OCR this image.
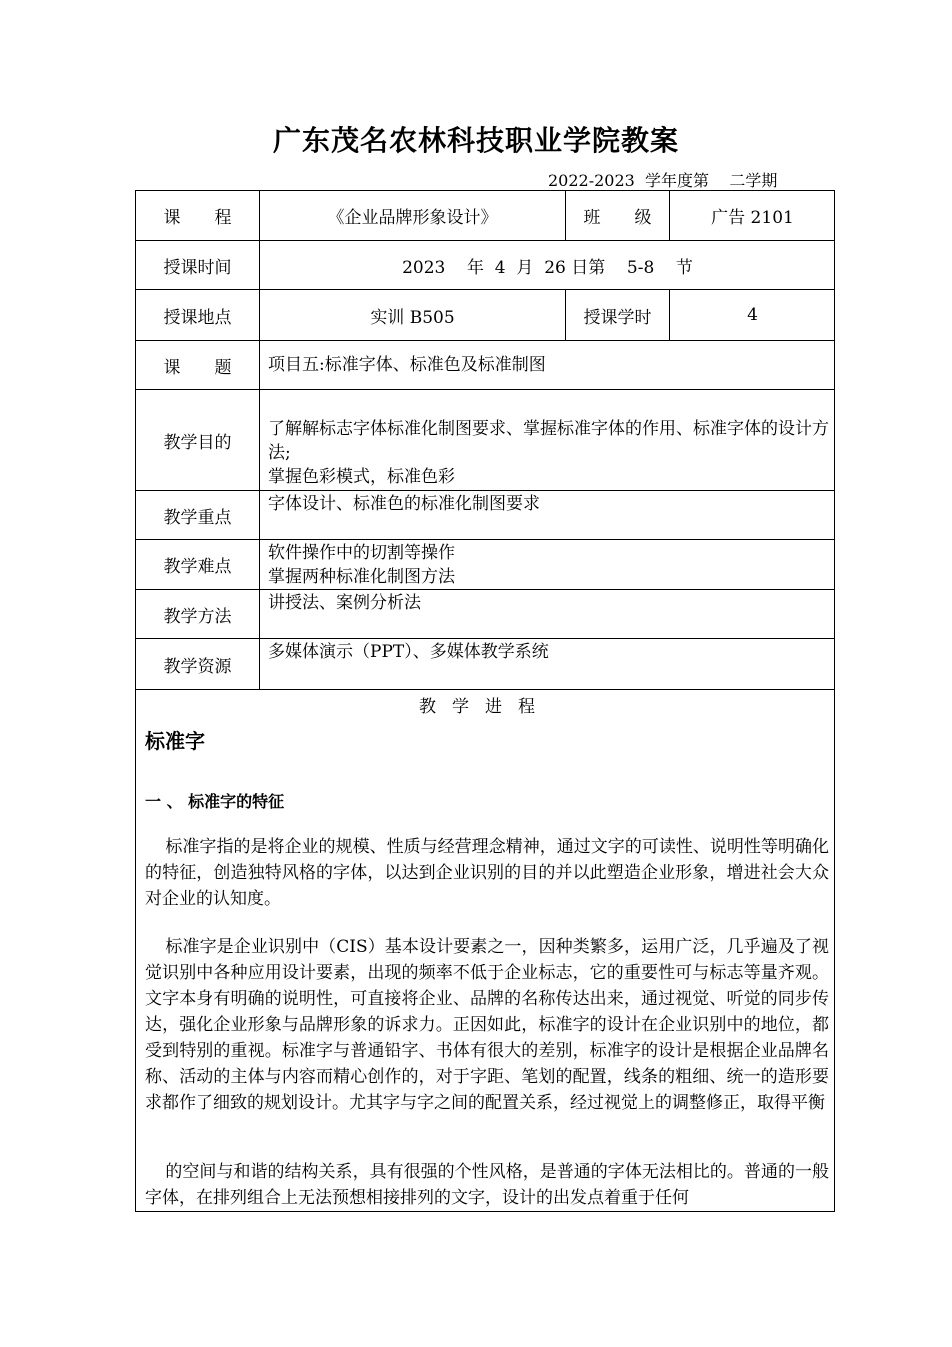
广东茂名农林科技职业学院教案
2022-2023  学年度第    二学期
课　　程	《企业品牌形象设计》	班　　级	广告 2101
授课时间	2023    年  4  月  26 日第    5-8    节		
授课地点	实训 B505	授课学时	4
课　　题	项目五:标准字体、标准色及标准制图		
教学目的	了解解标志字体标准化制图要求、掌握标准字体的作用、标准字体的设计方法;
掌握色彩模式，标准色彩		

教学重点	字体设计、标准色的标准化制图要求		
教学难点	软件操作中的切割等操作
掌握两种标准化制图方法		

教学方法	讲授法、案例分析法		
教学资源	多媒体演示（PPT）、多媒体教学系统		
教学进程
标准字
一 、 标准字的特征

标准字指的是将企业的规模、性质与经营理念精神，通过文字的可读性、说明性等明确化的特征，创造独特风格的字体，以达到企业识别的目的并以此塑造企业形象，增进社会大众对企业的认知度。

标准字是企业识别中（CIS）基本设计要素之一，因种类繁多，运用广泛，几乎遍及了视觉识别中各种应用设计要素，出现的频率不低于企业标志，它的重要性可与标志等量齐观。文字本身有明确的说明性，可直接将企业、品牌的名称传达出来，通过视觉、听觉的同步传达，强化企业形象与品牌形象的诉求力。正因如此，标准字的设计在企业识别中的地位，都受到特别的重视。标准字与普通铅字、书体有很大的差别，标准字的设计是根据企业品牌名称、活动的主体与内容而精心创作的，对于字距、笔划的配置，线条的粗细、统一的造形要求都作了细致的规划设计。尤其字与字之间的配置关系，经过视觉上的调整修正，取得平衡

的空间与和谐的结构关系，具有很强的个性风格，是普通的字体无法相比的。普通的一般字体，在排列组合上无法预想相接排列的文字，设计的出发点着重于任何
